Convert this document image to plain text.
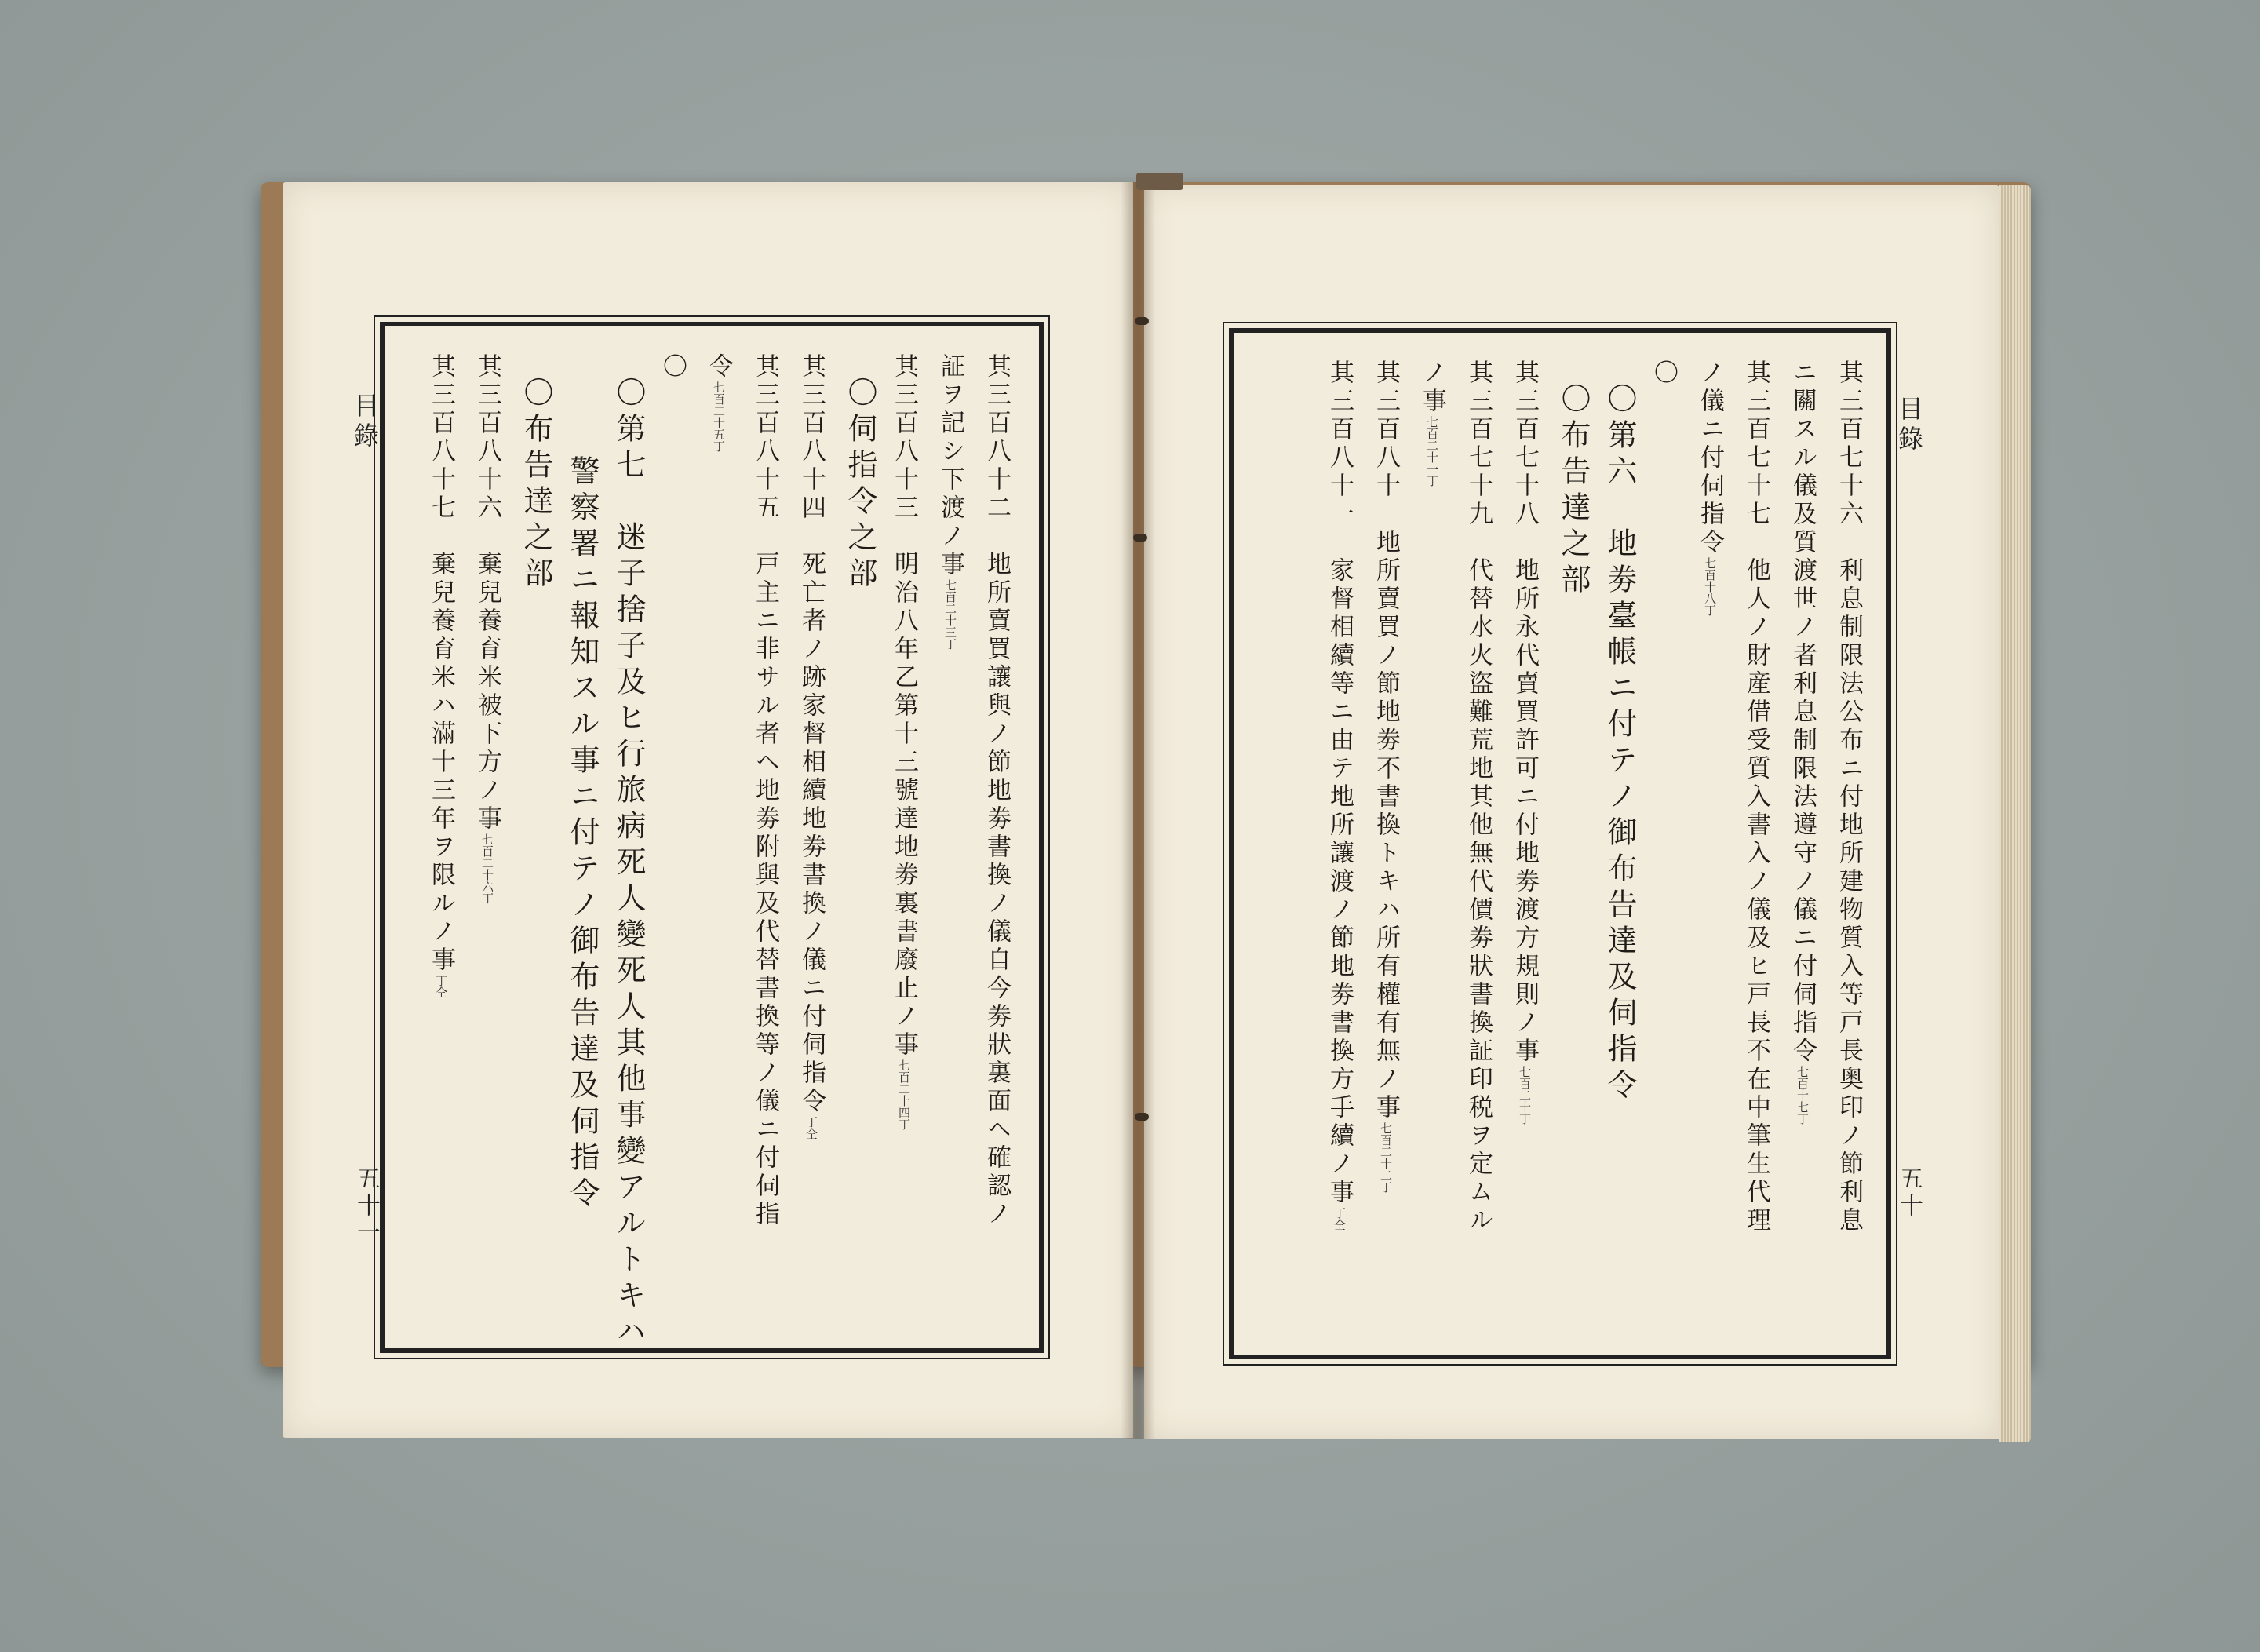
目錄
五十一	其三百八十二　地所賣買讓與ノ節地劵書換ノ儀自今劵狀裏面ヘ確認ノ
証ヲ記シ下渡ノ事七百二十三丁
其三百八十三　明治八年乙第十三號達地劵裏書廢止ノ事七百二十四丁
〇伺指令之部
其三百八十四　死亡者ノ跡家督相續地劵書換ノ儀ニ付伺指令丁仝
其三百八十五　戸主ニ非サル者ヘ地劵附與及代替書換等ノ儀ニ付伺指
令七百二十五丁
〇
〇第七　迷子捨子及ヒ行旅病死人變死人其他事變アルトキハ
警察署ニ報知スル事ニ付テノ御布告達及伺指令
〇布告達之部
其三百八十六　棄兒養育米被下方ノ事七百二十六丁
其三百八十七　棄兒養育米ハ滿十三年ヲ限ルノ事丁仝
目錄
五十
其三百七十六　利息制限法公布ニ付地所建物質入等戸長奥印ノ節利息
ニ關スル儀及質渡世ノ者利息制限法遵守ノ儀ニ付伺指令七百十七丁
其三百七十七　他人ノ財産借受質入書入ノ儀及ヒ戸長不在中筆生代理
ノ儀ニ付伺指令七百十八丁
〇
〇第六　地劵臺帳ニ付テノ御布告達及伺指令
〇布告達之部
其三百七十八　地所永代賣買許可ニ付地劵渡方規則ノ事七百二十丁
其三百七十九　代替水火盜難荒地其他無代價劵狀書換証印税ヲ定ムル
ノ事七百二十一丁
其三百八十　地所賣買ノ節地劵不書換トキハ所有權有無ノ事七百二十二丁
其三百八十一　家督相續等ニ由テ地所讓渡ノ節地劵書換方手續ノ事丁仝
